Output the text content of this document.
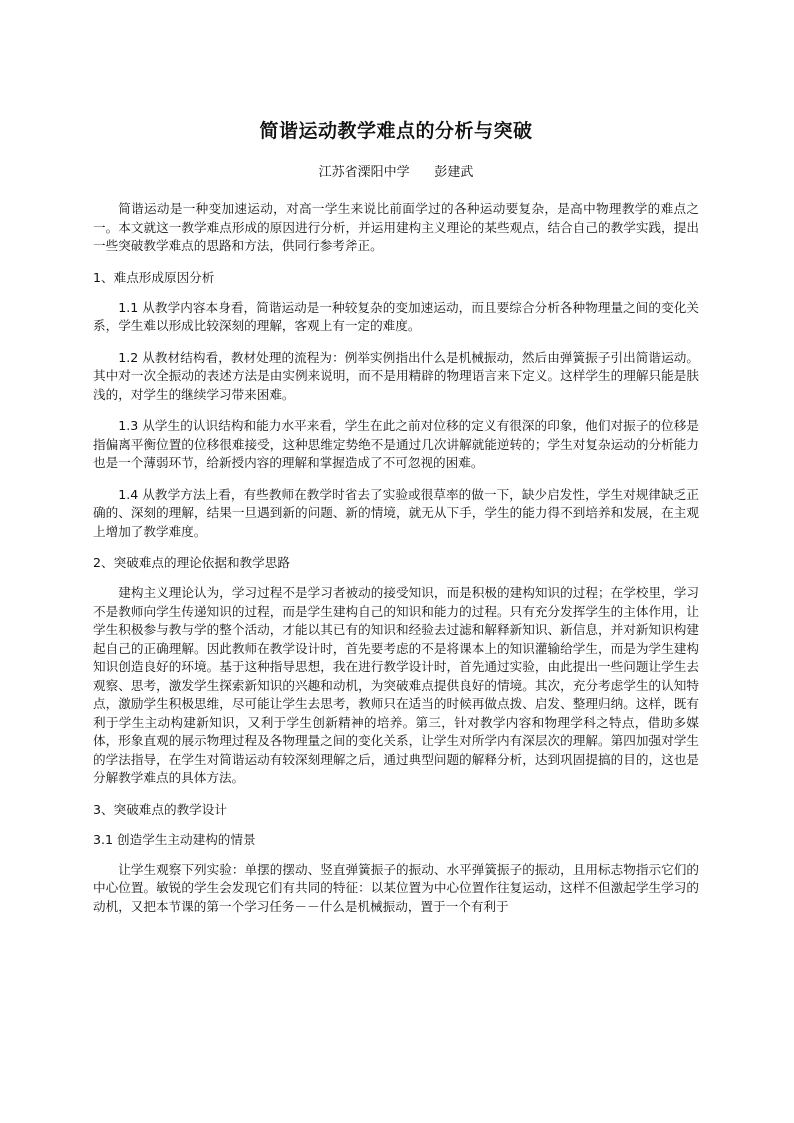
简谐运动教学难点的分析与突破
江苏省溧阳中学      彭建武

简谐运动是一种变加速运动，对高一学生来说比前面学过的各种运动要复杂，是高中物理教学的难点之一。本文就这一教学难点形成的原因进行分析，并运用建构主义理论的某些观点，结合自己的教学实践，提出一些突破教学难点的思路和方法，供同行参考斧正。

1、难点形成原因分析

1.1 从教学内容本身看，简谐运动是一种较复杂的变加速运动，而且要综合分析各种物理量之间的变化关系，学生难以形成比较深刻的理解，客观上有一定的难度。

1.2 从教材结构看，教材处理的流程为：例举实例指出什么是机械振动，然后由弹簧振子引出简谐运动。其中对一次全振动的表述方法是由实例来说明，而不是用精辟的物理语言来下定义。这样学生的理解只能是肤浅的，对学生的继续学习带来困难。

1.3 从学生的认识结构和能力水平来看，学生在此之前对位移的定义有很深的印象，他们对振子的位移是指偏离平衡位置的位移很难接受，这种思维定势绝不是通过几次讲解就能逆转的；学生对复杂运动的分析能力也是一个薄弱环节，给新授内容的理解和掌握造成了不可忽视的困难。

1.4 从教学方法上看，有些教师在教学时省去了实验或很草率的做一下，缺少启发性，学生对规律缺乏正确的、深刻的理解，结果一旦遇到新的问题、新的情境，就无从下手，学生的能力得不到培养和发展，在主观上增加了教学难度。

2、突破难点的理论依据和教学思路

建构主义理论认为，学习过程不是学习者被动的接受知识，而是积极的建构知识的过程；在学校里，学习不是教师向学生传递知识的过程，而是学生建构自己的知识和能力的过程。只有充分发挥学生的主体作用，让学生积极参与教与学的整个活动，才能以其已有的知识和经验去过滤和解释新知识、新信息，并对新知识构建起自己的正确理解。因此教师在教学设计时，首先要考虑的不是将课本上的知识灌输给学生，而是为学生建构知识创造良好的环境。基于这种指导思想，我在进行教学设计时，首先通过实验，由此提出一些问题让学生去观察、思考，激发学生探索新知识的兴趣和动机，为突破难点提供良好的情境。其次，充分考虑学生的认知特点，激励学生积极思维，尽可能让学生去思考，教师只在适当的时候再做点拨、启发、整理归纳。这样，既有利于学生主动构建新知识，又利于学生创新精神的培养。第三，针对教学内容和物理学科之特点，借助多媒体，形象直观的展示物理过程及各物理量之间的变化关系，让学生对所学内有深层次的理解。第四加强对学生的学法指导，在学生对简谐运动有较深刻理解之后，通过典型问题的解释分析，达到巩固提搞的目的，这也是分解教学难点的具体方法。

3、突破难点的教学设计
3.1 创造学生主动建构的情景

让学生观察下列实验：单摆的摆动、竖直弹簧振子的振动、水平弹簧振子的振动，且用标志物指示它们的中心位置。敏锐的学生会发现它们有共同的特征：以某位置为中心位置作往复运动，这样不但激起学生学习的动机，又把本节课的第一个学习任务－－什么是机械振动，置于一个有利于
